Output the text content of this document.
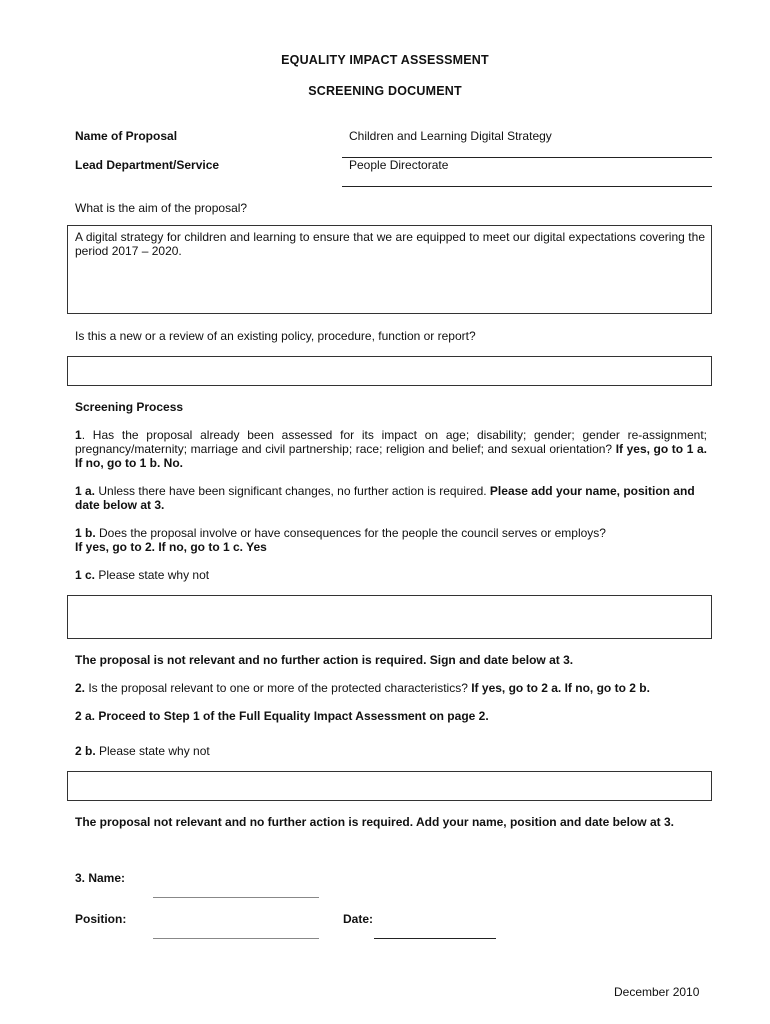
EQUALITY IMPACT ASSESSMENT
SCREENING DOCUMENT
Name of Proposal	Children and Learning Digital Strategy
Lead Department/Service	People Directorate
What is the aim of the proposal?
A digital strategy for children and learning to ensure that we are equipped to meet our digital expectations covering the period 2017 – 2020.
Is this a new or a review of an existing policy, procedure, function or report?
Screening Process
1. Has the proposal already been assessed for its impact on age; disability; gender; gender re-assignment; pregnancy/maternity; marriage and civil partnership; race; religion and belief; and sexual orientation? If yes, go to 1 a. If no, go to 1 b. No.
1 a. Unless there have been significant changes, no further action is required. Please add your name, position and date below at 3.
1 b. Does the proposal involve or have consequences for the people the council serves or employs?
If yes, go to 2. If no, go to 1 c. Yes
1 c. Please state why not
The proposal is not relevant and no further action is required. Sign and date below at 3.
2. Is the proposal relevant to one or more of the protected characteristics? If yes, go to 2 a. If no, go to 2 b.
2 a. Proceed to Step 1 of the Full Equality Impact Assessment on page 2.
2 b. Please state why not
The proposal not relevant and no further action is required. Add your name, position and date below at 3.
3. Name:
Position:	Date:
December 2010
